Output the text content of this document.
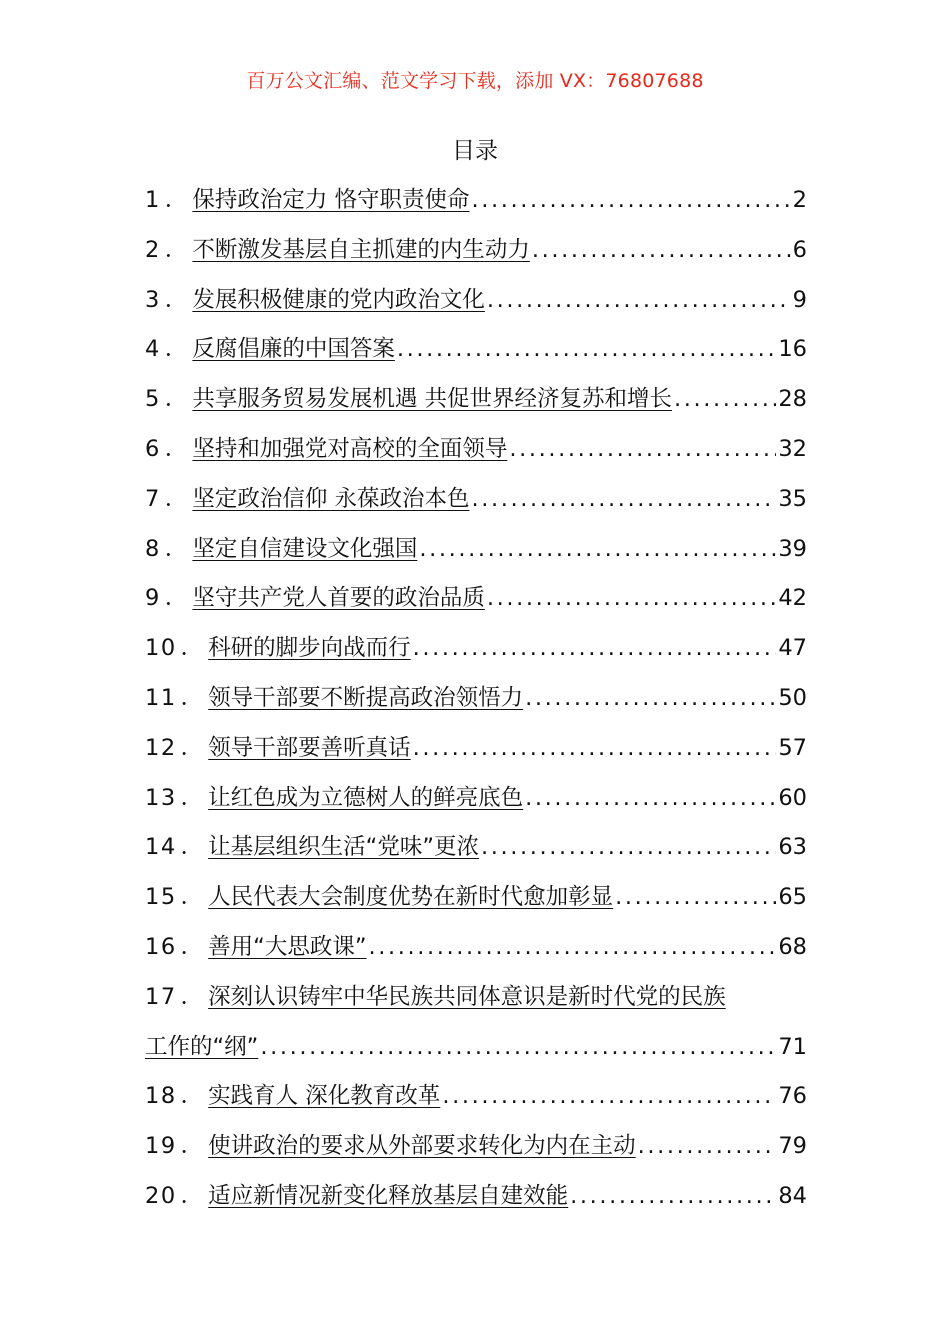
百万公文汇编、范文学习下载，添加 VX：76807688
目录
1 ． 保持政治定力 恪守职责使命 .....	2
2 ． 不断激发基层自主抓建的内生动力 .....	6
3 ． 发展积极健康的党内政治文化 .....	9
4 ． 反腐倡廉的中国答案 .....	16
5 ． 共享服务贸易发展机遇 共促世界经济复苏和增长 .....	28
6 ． 坚持和加强党对高校的全面领导 .....	32
7 ． 坚定政治信仰 永葆政治本色 .....	35
8 ． 坚定自信建设文化强国 .....	39
9 ． 坚守共产党人首要的政治品质 .....	42
10 ． 科研的脚步向战而行 .....	47
11 ． 领导干部要不断提高政治领悟力 .....	50
12 ． 领导干部要善听真话 .....	57
13 ． 让红色成为立德树人的鲜亮底色 .....	60
14 ． 让基层组织生活“党味”更浓 .....	63
15 ． 人民代表大会制度优势在新时代愈加彰显 .....	65
16 ． 善用“大思政课” .....	68
17 ． 深刻认识铸牢中华民族共同体意识是新时代党的民族
工作的“纲” .....	71
18 ． 实践育人 深化教育改革 .....	76
19 ． 使讲政治的要求从外部要求转化为内在主动 .....	79
20 ． 适应新情况新变化释放基层自建效能 .....	84
